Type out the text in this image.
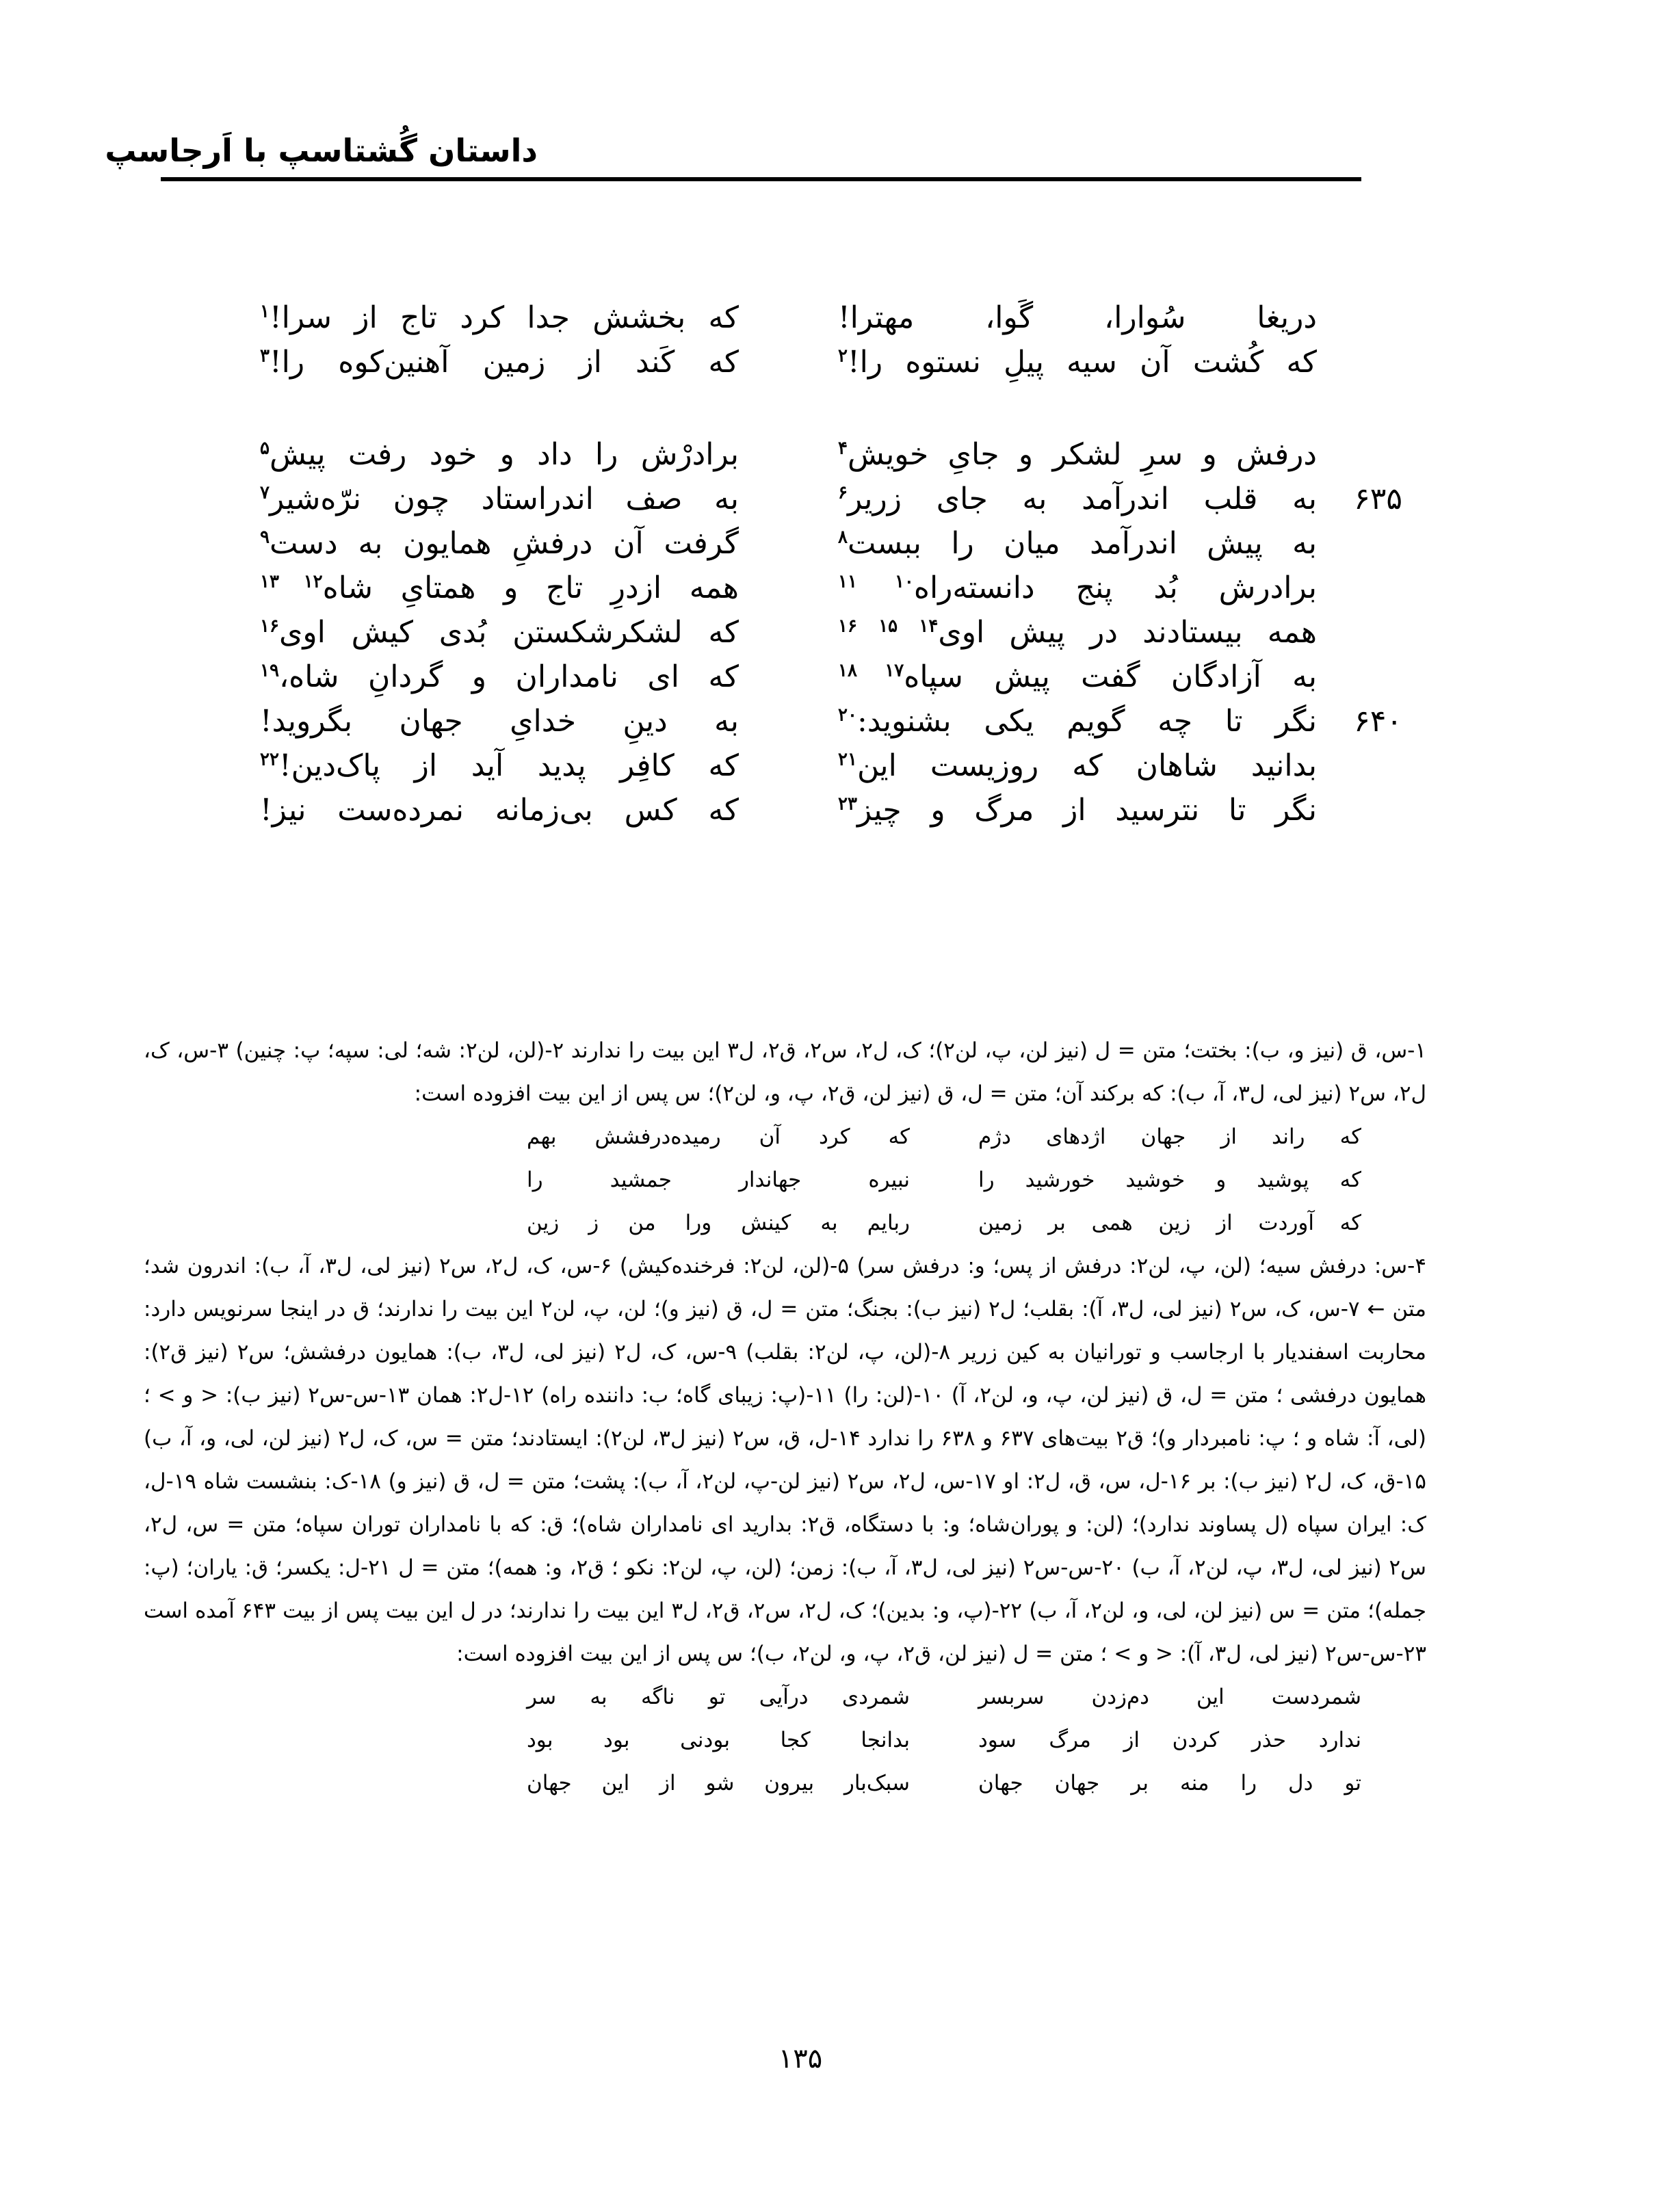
داستان گُشتاسپ با اَرجاسپ
دریغا سُوارا، گَوا، مهترا!
که بخشش جدا کرد تاج از سرا!$^۱$
که کُشت آن سیه پیلِ نستوه را!$^۲$
که کَند از زمین آهنین‌کوه را!$^۳$
درفش و سرِ لشکر و جایِ خویش$^۴$
برادرْش را داد و خود رفت پیش$^۵$
۶۳۵
به قلب اندرآمد به جای زریر$^۶$
به صف اندراستاد چون نرّه‌شیر$^۷$
به پیش اندرآمد میان را ببست$^۸$
گرفت آن درفشِ همایون به دست$^۹$
برادرش بُد پنج دانسته‌راه$^{۱۰ ۱۱}$
همه ازدرِ تاج و همتایِ شاه$^{۱۲ ۱۳}$
همه بیستادند در پیش اوی$^{۱۴ ۱۵ ۱۶}$
که لشکرشکستن بُدی کیش اوی$^{۱۶}$
به آزادگان گفت پیش سپاه$^{۱۷ ۱۸}$
که ای نامداران و گردانِ شاه،$^{۱۹}$
۶۴۰
نگر تا چه گویم یکی بشنوید:$^{۲۰}$
به دینِ خدایِ جهان بگروید!
بدانید شاهان که روزیست این$^{۲۱}$
که کافِر پدید آید از پاک‌دین!$^{۲۲}$
نگر تا نترسید از مرگ و چیز$^{۲۳}$
که کس بی‌زمانه نمرده‌ست نیز!

۱-س، ق (نیز و، ب): بختت؛ متن = ل (نیز لن، پ، لن۲)؛ ک، ل۲، س۲، ق۲، ل۳ این بیت را ندارند ۲-(لن، لن۲: شه؛ لی: سپه؛ پ: چنین) ۳-س، ک، ل۲، س۲ (نیز لی، ل۳، آ، ب): که برکند آن؛ متن = ل، ق (نیز لن، ق۲، پ، و، لن۲)؛ س پس از این بیت افزوده است:

که راند از جهان اژدهای دژم
که کرد آن رمیده‌درفشش بهم
که پوشید و خوشید خورشید را
نبیره جهاندار جمشید را
که آوردت از زین همی بر زمین
ربایم به کینش ورا من ز زین

۴-س: درفش سیه؛ (لن، پ، لن۲: درفش از پس؛ و: درفش سر) ۵-(لن، لن۲: فرخنده‌کیش) ۶-س، ک، ل۲، س۲ (نیز لی، ل۳، آ، ب): اندرون شد؛ متن ← ۷-س، ک، س۲ (نیز لی، ل۳، آ): بقلب؛ ل۲ (نیز ب): بجنگ؛ متن = ل، ق (نیز و)؛ لن، پ، لن۲ این بیت را ندارند؛ ق در اینجا سرنویس دارد: محاربت اسفندیار با ارجاسب و تورانیان به کین زریر ۸-(لن، پ، لن۲: بقلب) ۹-س، ک، ل۲ (نیز لی، ل۳، ب): همایون درفشش؛ س۲ (نیز ق۲): همایون درفشی ؛ متن = ل، ق (نیز لن، پ، و، لن۲، آ) ۱۰-(لن: را) ۱۱-(پ: زیبای گاه؛ ب: دانند‌ه راه) ۱۲-ل۲: همان ۱۳-س-س۲ (نیز ب): < و > ؛ (لی، آ: شاه و ؛ پ: نامبردار و)؛ ق۲ بیت‌های ۶۳۷ و ۶۳۸ را ندارد ۱۴-ل، ق، س۲ (نیز ل۳، لن۲): ایستادند؛ متن = س، ک، ل۲ (نیز لن، لی، و، آ، ب) ۱۵-ق، ک، ل۲ (نیز ب): بر ۱۶-ل، س، ق، ل۲: او ۱۷-س، ل۲، س۲ (نیز لن-پ، لن۲، آ، ب): پشت؛ متن = ل، ق (نیز و) ۱۸-ک: بنشست شاه ۱۹-ل، ک: ایران سپاه (ل پساوند ندارد)؛ (لن: و پوران‌شاه؛ و: با دستگاه، ق۲: بدارید ای نامداران شاه)؛ ق: که با نامداران توران سپاه؛ متن = س، ل۲، س۲ (نیز لی، ل۳، پ، لن۲، آ، ب) ۲۰-س-س۲ (نیز لی، ل۳، آ، ب): زمن؛ (لن، پ، لن۲: نکو ؛ ق۲، و: همه)؛ متن = ل ۲۱-ل: یکسر؛ ق: یاران؛ (پ: جمله)؛ متن = س (نیز لن، لی، و، لن۲، آ، ب) ۲۲-(پ، و: بدین)؛ ک، ل۲، س۲، ق۲، ل۳ این بیت را ندارند؛ در ل این بیت پس از بیت ۶۴۳ آمده است ۲۳-س-س۲ (نیز لی، ل۳، آ): < و > ؛ متن = ل (نیز لن، ق۲، پ، و، لن۲، ب)؛ س پس از این بیت افزوده است:

شمردست این دم‌زدن سربسر
شمردی درآیی تو ناگه به سر
ندارد حذر کردن از مرگ سود
بدانجا کجا بودنی بود بود
تو دل را منه بر جهان جهان
سبک‌بار بیرون شو از این جهان
۱۳۵
